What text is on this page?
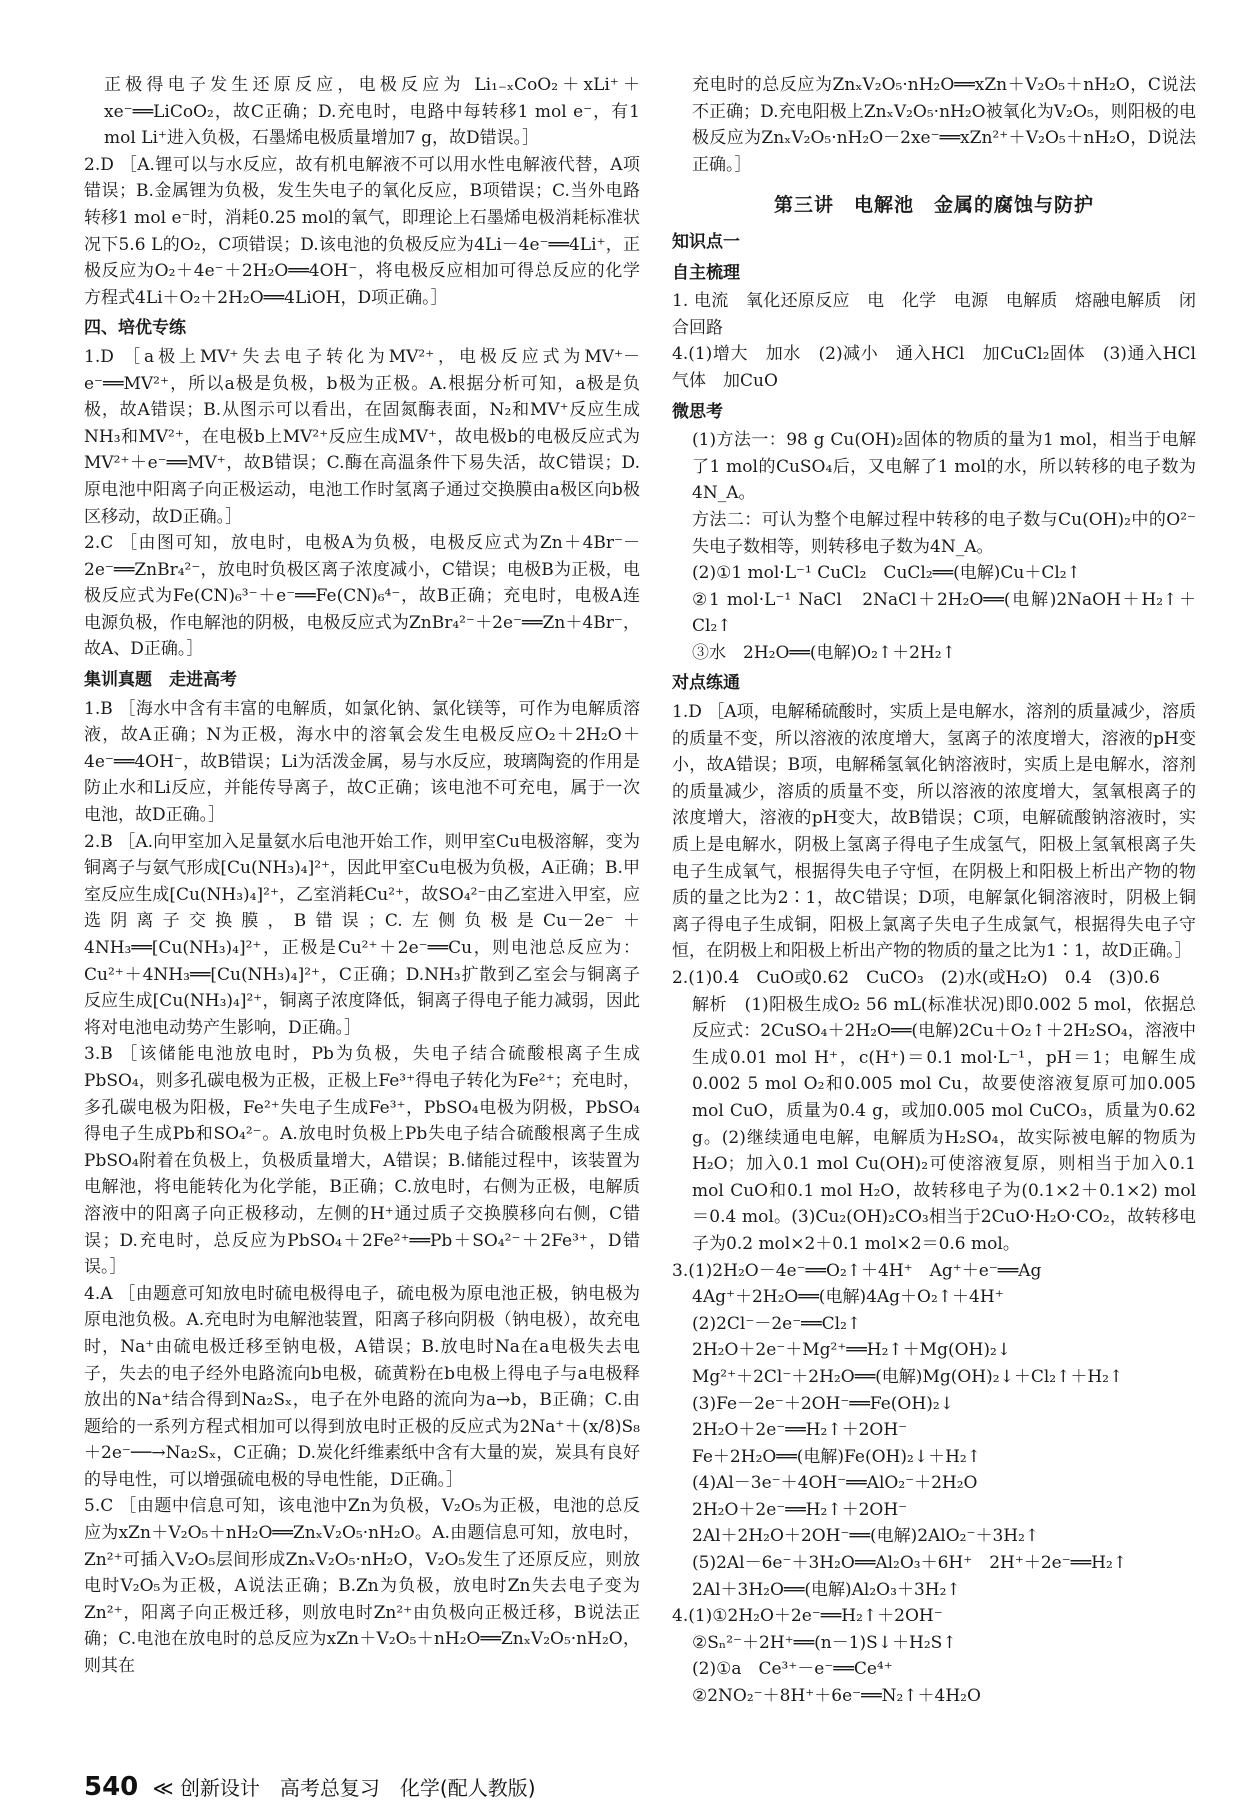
正极得电子发生还原反应，电极反应为 Li₁₋ₓCoO₂＋xLi⁺＋xe⁻══LiCoO₂，故C正确；D.充电时，电路中每转移1 mol e⁻，有1 mol Li⁺进入负极，石墨烯电极质量增加7 g，故D错误。］

2.D ［A.锂可以与水反应，故有机电解液不可以用水性电解液代替，A项错误；B.金属锂为负极，发生失电子的氧化反应，B项错误；C.当外电路转移1 mol e⁻时，消耗0.25 mol的氧气，即理论上石墨烯电极消耗标准状况下5.6 L的O₂，C项错误；D.该电池的负极反应为4Li－4e⁻══4Li⁺，正极反应为O₂＋4e⁻＋2H₂O══4OH⁻，将电极反应相加可得总反应的化学方程式4Li＋O₂＋2H₂O══4LiOH，D项正确。］

四、培优专练

1.D ［a极上MV⁺失去电子转化为MV²⁺，电极反应式为MV⁺－e⁻══MV²⁺，所以a极是负极，b极为正极。A.根据分析可知，a极是负极，故A错误；B.从图示可以看出，在固氮酶表面，N₂和MV⁺反应生成NH₃和MV²⁺，在电极b上MV²⁺反应生成MV⁺，故电极b的电极反应式为MV²⁺＋e⁻══MV⁺，故B错误；C.酶在高温条件下易失活，故C错误；D.原电池中阳离子向正极运动，电池工作时氢离子通过交换膜由a极区向b极区移动，故D正确。］

2.C ［由图可知，放电时，电极A为负极，电极反应式为Zn＋4Br⁻－2e⁻══ZnBr₄²⁻，放电时负极区离子浓度减小，C错误；电极B为正极，电极反应式为Fe(CN)₆³⁻＋e⁻══Fe(CN)₆⁴⁻，故B正确；充电时，电极A连电源负极，作电解池的阴极，电极反应式为ZnBr₄²⁻＋2e⁻══Zn＋4Br⁻，故A、D正确。］

集训真题　走进高考

1.B ［海水中含有丰富的电解质，如氯化钠、氯化镁等，可作为电解质溶液，故A正确；N为正极，海水中的溶氧会发生电极反应O₂＋2H₂O＋4e⁻══4OH⁻，故B错误；Li为活泼金属，易与水反应，玻璃陶瓷的作用是防止水和Li反应，并能传导离子，故C正确；该电池不可充电，属于一次电池，故D正确。］

2.B ［A.向甲室加入足量氨水后电池开始工作，则甲室Cu电极溶解，变为铜离子与氨气形成[Cu(NH₃)₄]²⁺，因此甲室Cu电极为负极，A正确；B.甲室反应生成[Cu(NH₃)₄]²⁺，乙室消耗Cu²⁺，故SO₄²⁻由乙室进入甲室，应选阴离子交换膜，B错误；C.左侧负极是Cu－2e⁻＋4NH₃══[Cu(NH₃)₄]²⁺，正极是Cu²⁺＋2e⁻══Cu，则电池总反应为：Cu²⁺＋4NH₃══[Cu(NH₃)₄]²⁺，C正确；D.NH₃扩散到乙室会与铜离子反应生成[Cu(NH₃)₄]²⁺，铜离子浓度降低，铜离子得电子能力减弱，因此将对电池电动势产生影响，D正确。］

3.B ［该储能电池放电时，Pb为负极，失电子结合硫酸根离子生成PbSO₄，则多孔碳电极为正极，正极上Fe³⁺得电子转化为Fe²⁺；充电时，多孔碳电极为阳极，Fe²⁺失电子生成Fe³⁺，PbSO₄电极为阴极，PbSO₄得电子生成Pb和SO₄²⁻。A.放电时负极上Pb失电子结合硫酸根离子生成PbSO₄附着在负极上，负极质量增大，A错误；B.储能过程中，该装置为电解池，将电能转化为化学能，B正确；C.放电时，右侧为正极，电解质溶液中的阳离子向正极移动，左侧的H⁺通过质子交换膜移向右侧，C错误；D.充电时，总反应为PbSO₄＋2Fe²⁺══Pb＋SO₄²⁻＋2Fe³⁺，D错误。］

4.A ［由题意可知放电时硫电极得电子，硫电极为原电池正极，钠电极为原电池负极。A.充电时为电解池装置，阳离子移向阴极（钠电极），故充电时，Na⁺由硫电极迁移至钠电极，A错误；B.放电时Na在a电极失去电子，失去的电子经外电路流向b电极，硫黄粉在b电极上得电子与a电极释放出的Na⁺结合得到Na₂Sₓ，电子在外电路的流向为a→b，B正确；C.由题给的一系列方程式相加可以得到放电时正极的反应式为2Na⁺＋(x/8)S₈＋2e⁻──→Na₂Sₓ，C正确；D.炭化纤维素纸中含有大量的炭，炭具有良好的导电性，可以增强硫电极的导电性能，D正确。］

5.C ［由题中信息可知，该电池中Zn为负极，V₂O₅为正极，电池的总反应为xZn＋V₂O₅＋nH₂O══ZnₓV₂O₅·nH₂O。A.由题信息可知，放电时，Zn²⁺可插入V₂O₅层间形成ZnₓV₂O₅·nH₂O，V₂O₅发生了还原反应，则放电时V₂O₅为正极，A说法正确；B.Zn为负极，放电时Zn失去电子变为Zn²⁺，阳离子向正极迁移，则放电时Zn²⁺由负极向正极迁移，B说法正确；C.电池在放电时的总反应为xZn＋V₂O₅＋nH₂O══ZnₓV₂O₅·nH₂O，则其在

充电时的总反应为ZnₓV₂O₅·nH₂O══xZn＋V₂O₅＋nH₂O，C说法不正确；D.充电阳极上ZnₓV₂O₅·nH₂O被氧化为V₂O₅，则阳极的电极反应为ZnₓV₂O₅·nH₂O－2xe⁻══xZn²⁺＋V₂O₅＋nH₂O，D说法正确。］

第三讲　电解池　金属的腐蚀与防护
知识点一
自主梳理

1. 电流　氧化还原反应　电　化学　电源　电解质　熔融电解质　闭合回路

4.(1)增大　加水　(2)减小　通入HCl　加CuCl₂固体　(3)通入HCl气体　加CuO

微思考

(1)方法一：98 g Cu(OH)₂固体的物质的量为1 mol，相当于电解了1 mol的CuSO₄后，又电解了1 mol的水，所以转移的电子数为4N_A。

方法二：可认为整个电解过程中转移的电子数与Cu(OH)₂中的O²⁻失电子数相等，则转移电子数为4N_A。

(2)①1 mol·L⁻¹ CuCl₂　CuCl₂══(电解)Cu＋Cl₂↑

②1 mol·L⁻¹ NaCl　2NaCl＋2H₂O══(电解)2NaOH＋H₂↑＋Cl₂↑

③水　2H₂O══(电解)O₂↑＋2H₂↑

对点练通

1.D ［A项，电解稀硫酸时，实质上是电解水，溶剂的质量减少，溶质的质量不变，所以溶液的浓度增大，氢离子的浓度增大，溶液的pH变小，故A错误；B项，电解稀氢氧化钠溶液时，实质上是电解水，溶剂的质量减少，溶质的质量不变，所以溶液的浓度增大，氢氧根离子的浓度增大，溶液的pH变大，故B错误；C项，电解硫酸钠溶液时，实质上是电解水，阴极上氢离子得电子生成氢气，阳极上氢氧根离子失电子生成氧气，根据得失电子守恒，在阴极上和阳极上析出产物的物质的量之比为2∶1，故C错误；D项，电解氯化铜溶液时，阴极上铜离子得电子生成铜，阳极上氯离子失电子生成氯气，根据得失电子守恒，在阴极上和阳极上析出产物的物质的量之比为1∶1，故D正确。］

2.(1)0.4　CuO或0.62　CuCO₃　(2)水(或H₂O)　0.4　(3)0.6

解析　(1)阳极生成O₂ 56 mL(标准状况)即0.002 5 mol，依据总反应式：2CuSO₄＋2H₂O══(电解)2Cu＋O₂↑＋2H₂SO₄，溶液中生成0.01 mol H⁺，c(H⁺)＝0.1 mol·L⁻¹，pH＝1；电解生成0.002 5 mol O₂和0.005 mol Cu，故要使溶液复原可加0.005 mol CuO，质量为0.4 g，或加0.005 mol CuCO₃，质量为0.62 g。(2)继续通电电解，电解质为H₂SO₄，故实际被电解的物质为H₂O；加入0.1 mol Cu(OH)₂可使溶液复原，则相当于加入0.1 mol CuO和0.1 mol H₂O，故转移电子为(0.1×2＋0.1×2) mol＝0.4 mol。(3)Cu₂(OH)₂CO₃相当于2CuO·H₂O·CO₂，故转移电子为0.2 mol×2＋0.1 mol×2＝0.6 mol。

3.(1)2H₂O－4e⁻══O₂↑＋4H⁺　Ag⁺＋e⁻══Ag

4Ag⁺＋2H₂O══(电解)4Ag＋O₂↑＋4H⁺

(2)2Cl⁻－2e⁻══Cl₂↑

2H₂O＋2e⁻＋Mg²⁺══H₂↑＋Mg(OH)₂↓

Mg²⁺＋2Cl⁻＋2H₂O══(电解)Mg(OH)₂↓＋Cl₂↑＋H₂↑

(3)Fe－2e⁻＋2OH⁻══Fe(OH)₂↓

2H₂O＋2e⁻══H₂↑＋2OH⁻

Fe＋2H₂O══(电解)Fe(OH)₂↓＋H₂↑

(4)Al－3e⁻＋4OH⁻══AlO₂⁻＋2H₂O

2H₂O＋2e⁻══H₂↑＋2OH⁻

2Al＋2H₂O＋2OH⁻══(电解)2AlO₂⁻＋3H₂↑

(5)2Al－6e⁻＋3H₂O══Al₂O₃＋6H⁺　2H⁺＋2e⁻══H₂↑

2Al＋3H₂O══(电解)Al₂O₃＋3H₂↑

4.(1)①2H₂O＋2e⁻══H₂↑＋2OH⁻

②Sₙ²⁻＋2H⁺══(n－1)S↓＋H₂S↑

(2)①a　Ce³⁺－e⁻══Ce⁴⁺

②2NO₂⁻＋8H⁺＋6e⁻══N₂↑＋4H₂O

540 ≪ 创新设计　高考总复习　化学(配人教版)
